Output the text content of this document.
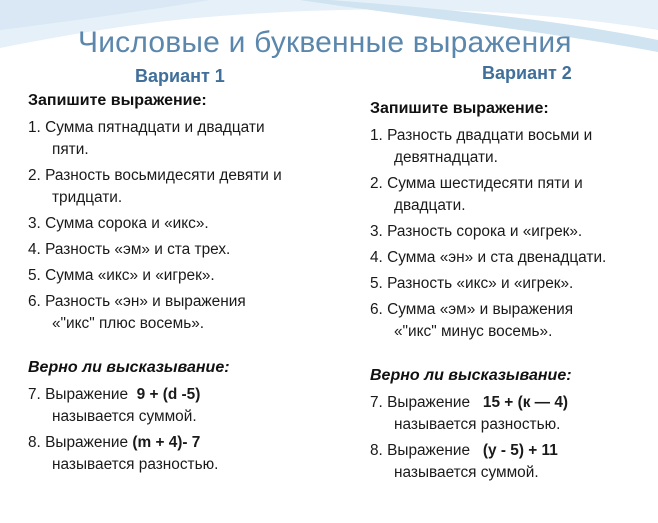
Числовые и буквенные выражения
Вариант 1	Вариант 2
Запишите выражение:
1. Сумма пятнадцати и двадцати
пяти.
2. Разность восьмидесяти девяти и
тридцати.
3. Сумма сорока и «икс».
4. Разность «эм» и ста трех.
5. Сумма «икс» и «игрек».
6. Разность «эн» и выражения
«"икс" плюс восемь».
Верно ли высказывание:
7. Выражение 9 + (d -5)
называется суммой.
8. Выражение (m + 4)- 7
называется разностью.
Запишите выражение:
1. Разность двадцати восьми и
девятнадцати.
2. Сумма шестидесяти пяти и
двадцати.
3. Разность сорока и «игрек».
4. Сумма «эн» и ста двенадцати.
5. Разность «икс» и «игрек».
6. Сумма «эм» и выражения
«"икс" минус восемь».
Верно ли высказывание:
7. Выражение 15 + (к — 4)
называется разностью.
8. Выражение (у - 5) + 11
называется суммой.
